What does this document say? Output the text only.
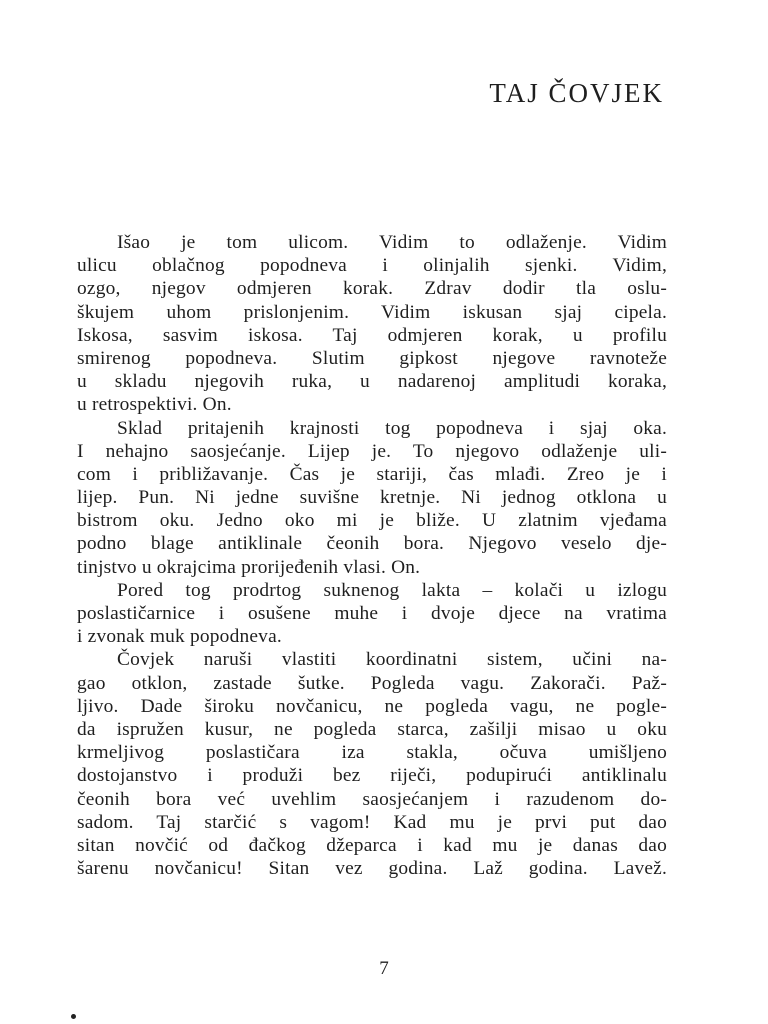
TAJ ČOVJEK
Išao je tom ulicom. Vidim to odlaženje. Vidim
ulicu oblačnog popodneva i olinjalih sjenki. Vidim,
ozgo, njegov odmjeren korak. Zdrav dodir tla oslu-
škujem uhom prislonjenim. Vidim iskusan sjaj cipela.
Iskosa, sasvim iskosa. Taj odmjeren korak, u profilu
smirenog popodneva. Slutim gipkost njegove ravnoteže
u skladu njegovih ruka, u nadarenoj amplitudi koraka,
u retrospektivi. On.
Sklad pritajenih krajnosti tog popodneva i sjaj oka.
I nehajno saosjećanje. Lijep je. To njegovo odlaženje uli-
com i približavanje. Čas je stariji, čas mlađi. Zreo je i
lijep. Pun. Ni jedne suvišne kretnje. Ni jednog otklona u
bistrom oku. Jedno oko mi je bliže. U zlatnim vjeđama
podno blage antiklinale čeonih bora. Njegovo veselo dje-
tinjstvo u okrajcima prorijeđenih vlasi. On.
Pored tog prodrtog suknenog lakta – kolači u izlogu
poslastičarnice i osušene muhe i dvoje djece na vratima
i zvonak muk popodneva.
Čovjek naruši vlastiti koordinatni sistem, učini na-
gao otklon, zastade šutke. Pogleda vagu. Zakorači. Paž-
ljivo. Dade široku novčanicu, ne pogleda vagu, ne pogle-
da ispružen kusur, ne pogleda starca, zašilji misao u oku
krmeljivog poslastičara iza stakla, očuva umišljeno
dostojanstvo i produži bez riječi, podupirući antiklinalu
čeonih bora već uvehlim saosjećanjem i razudenom do-
sadom. Taj starčić s vagom! Kad mu je prvi put dao
sitan novčić od đačkog džeparca i kad mu je danas dao
šarenu novčanicu! Sitan vez godina. Laž godina. Lavež.
7
